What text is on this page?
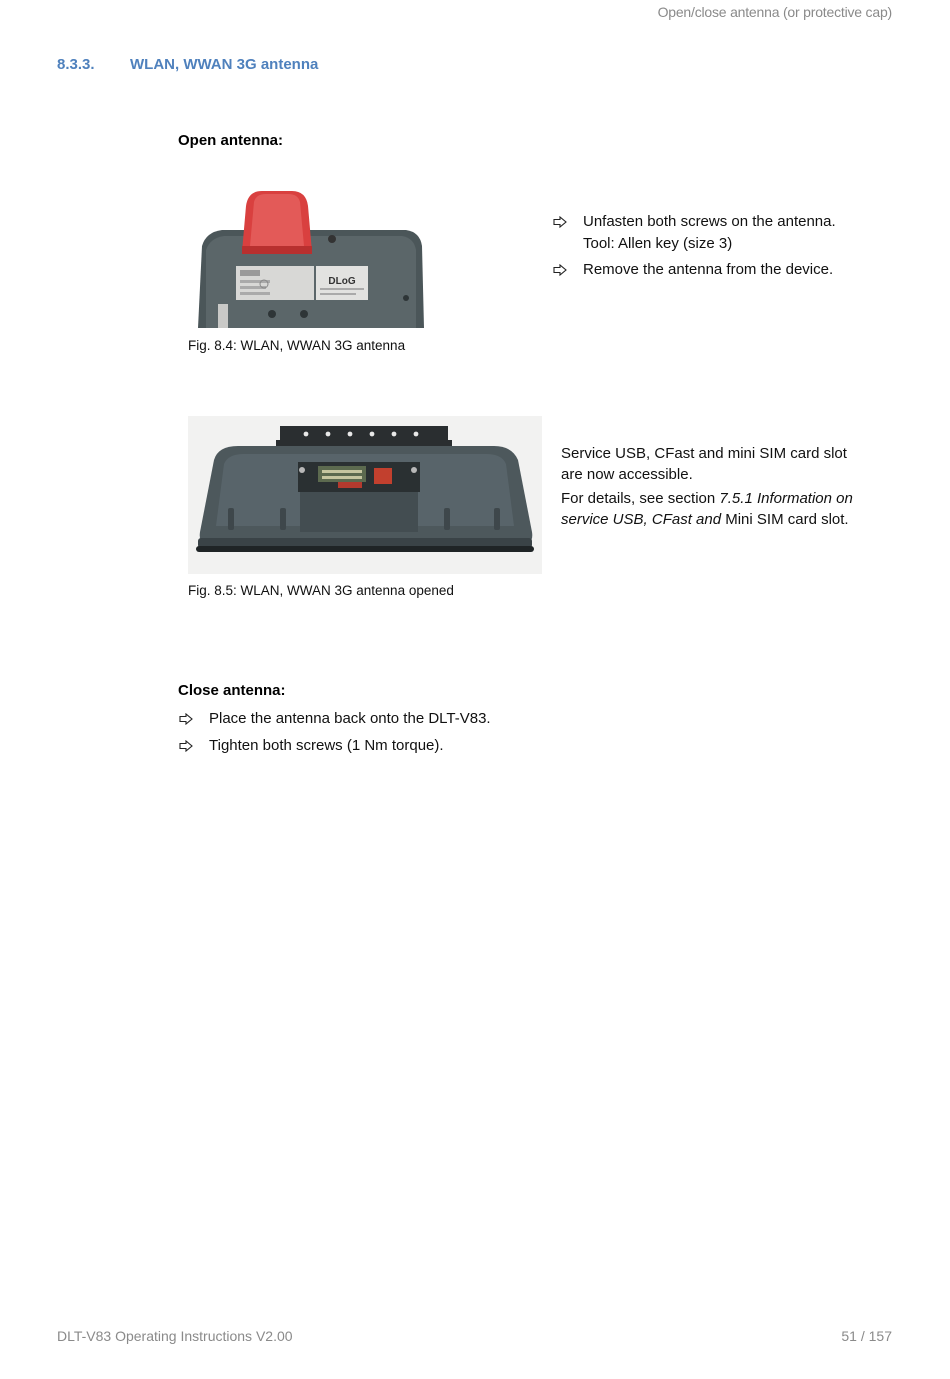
Open/close antenna (or protective cap)
8.3.3. WLAN, WWAN 3G antenna
Open antenna:
DLoG
Unfasten both screws on the antenna. Tool: Allen key (size 3)
Remove the antenna from the device.
Fig. 8.4: WLAN, WWAN 3G antenna
Service USB, CFast and mini SIM card slot are now accessible.
For details, see section 7.5.1 Information on service USB, CFast and Mini SIM card slot.
Fig. 8.5: WLAN, WWAN 3G antenna opened
Close antenna:
Place the antenna back onto the DLT-V83.
Tighten both screws (1 Nm torque).
DLT-V83 Operating Instructions V2.00	51 / 157
